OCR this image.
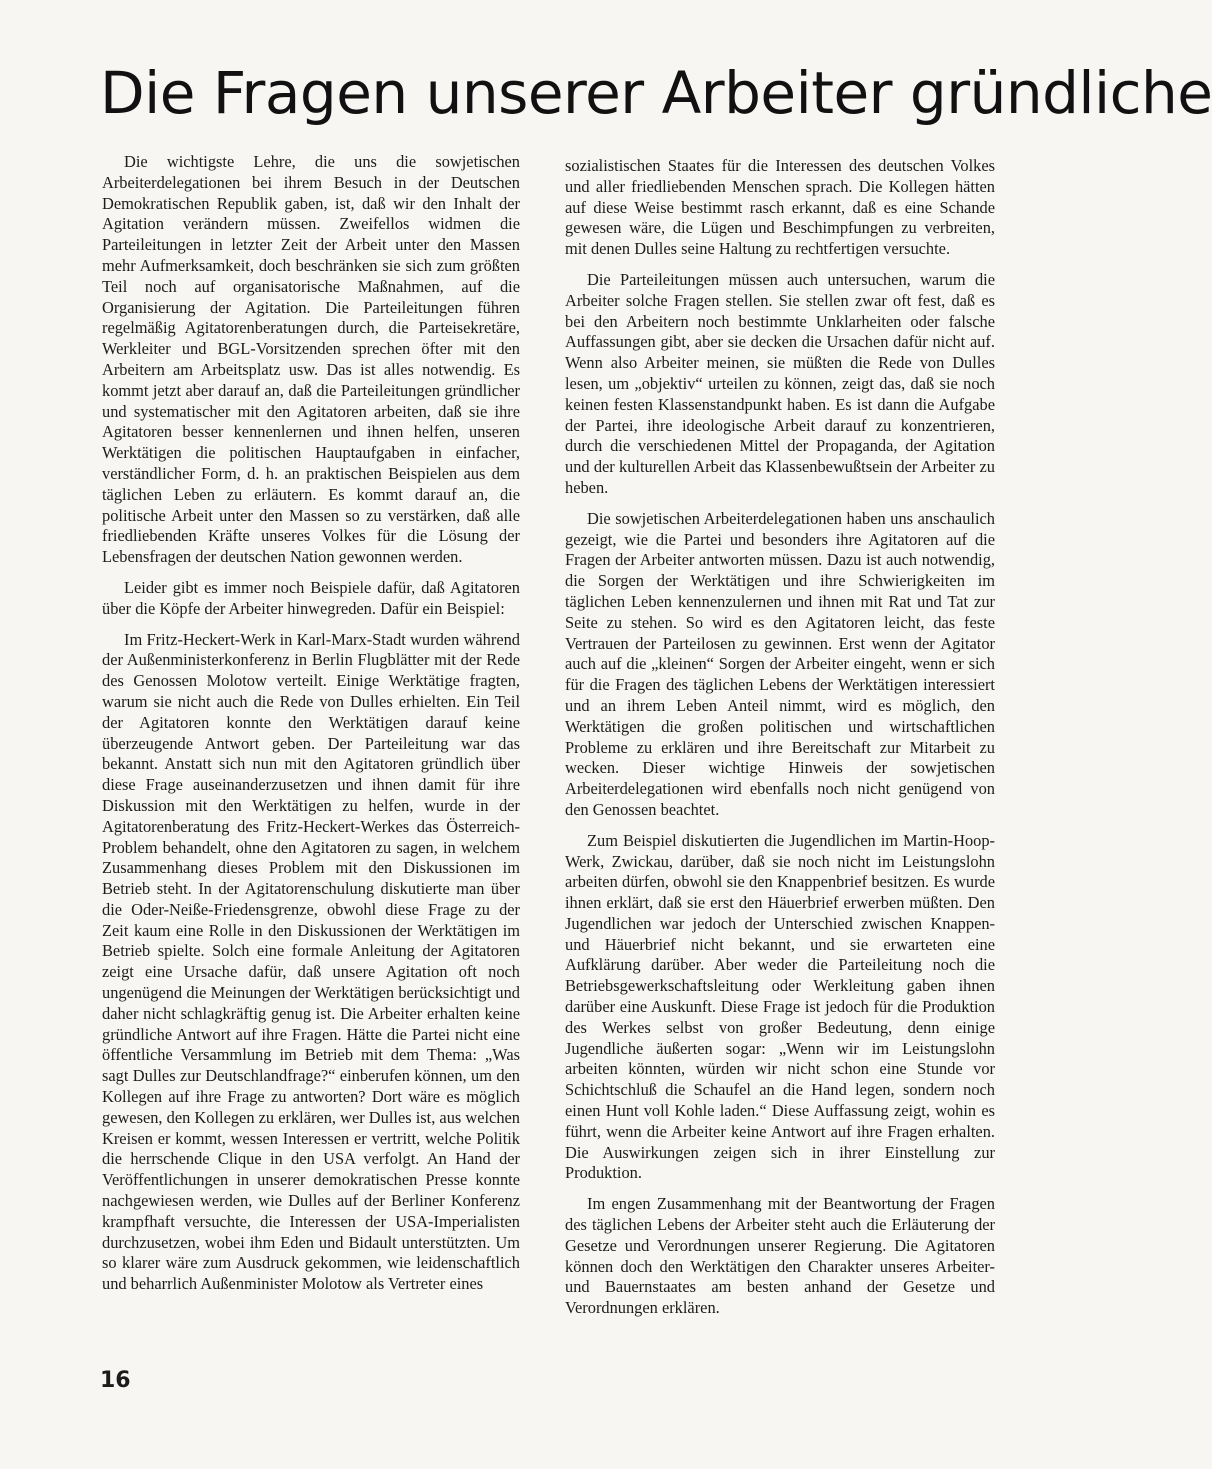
Die Fragen unserer Arbeiter gründliche

Die wichtigste Lehre, die uns die sowjetischen Arbeiterdelegationen bei ihrem Besuch in der Deutschen Demokratischen Republik gaben, ist, daß wir den Inhalt der Agitation verändern müssen. Zweifellos widmen die Parteileitungen in letzter Zeit der Arbeit unter den Massen mehr Aufmerksamkeit, doch beschränken sie sich zum größten Teil noch auf organisatorische Maßnahmen, auf die Organisierung der Agitation. Die Parteileitungen führen regelmäßig Agitatorenberatungen durch, die Parteisekretäre, Werkleiter und BGL-Vorsitzenden sprechen öfter mit den Arbeitern am Arbeitsplatz usw. Das ist alles notwendig. Es kommt jetzt aber darauf an, daß die Parteileitungen gründlicher und systematischer mit den Agitatoren arbeiten, daß sie ihre Agitatoren besser kennenlernen und ihnen helfen, unseren Werktätigen die politischen Hauptaufgaben in einfacher, verständlicher Form, d. h. an praktischen Beispielen aus dem täglichen Leben zu erläutern. Es kommt darauf an, die politische Arbeit unter den Massen so zu verstärken, daß alle friedliebenden Kräfte unseres Volkes für die Lösung der Lebensfragen der deutschen Nation gewonnen werden.

Leider gibt es immer noch Beispiele dafür, daß Agitatoren über die Köpfe der Arbeiter hinwegreden. Dafür ein Beispiel:

Im Fritz-Heckert-Werk in Karl-Marx-Stadt wurden während der Außenministerkonferenz in Berlin Flugblätter mit der Rede des Genossen Molotow verteilt. Einige Werktätige fragten, warum sie nicht auch die Rede von Dulles erhielten. Ein Teil der Agitatoren konnte den Werktätigen darauf keine überzeugende Antwort geben. Der Parteileitung war das bekannt. Anstatt sich nun mit den Agitatoren gründlich über diese Frage auseinanderzusetzen und ihnen damit für ihre Diskussion mit den Werktätigen zu helfen, wurde in der Agitatorenberatung des Fritz-Heckert-Werkes das Österreich-Problem behandelt, ohne den Agitatoren zu sagen, in welchem Zusammenhang dieses Problem mit den Diskussionen im Betrieb steht. In der Agitatorenschulung diskutierte man über die Oder-Neiße-Friedensgrenze, obwohl diese Frage zu der Zeit kaum eine Rolle in den Diskussionen der Werktätigen im Betrieb spielte. Solch eine formale Anleitung der Agitatoren zeigt eine Ursache dafür, daß unsere Agitation oft noch ungenügend die Meinungen der Werktätigen berücksichtigt und daher nicht schlagkräftig genug ist. Die Arbeiter erhalten keine gründliche Antwort auf ihre Fragen. Hätte die Partei nicht eine öffentliche Versammlung im Betrieb mit dem Thema: „Was sagt Dulles zur Deutschlandfrage?“ einberufen können, um den Kollegen auf ihre Frage zu antworten? Dort wäre es möglich gewesen, den Kollegen zu erklären, wer Dulles ist, aus welchen Kreisen er kommt, wessen Interessen er vertritt, welche Politik die herrschende Clique in den USA verfolgt. An Hand der Veröffentlichungen in unserer demokratischen Presse konnte nachgewiesen werden, wie Dulles auf der Berliner Konferenz krampfhaft versuchte, die Interessen der USA-Imperialisten durchzusetzen, wobei ihm Eden und Bidault unterstützten. Um so klarer wäre zum Ausdruck gekommen, wie leidenschaftlich und beharrlich Außenminister Molotow als Vertreter eines

sozialistischen Staates für die Interessen des deutschen Volkes und aller friedliebenden Menschen sprach. Die Kollegen hätten auf diese Weise bestimmt rasch erkannt, daß es eine Schande gewesen wäre, die Lügen und Beschimpfungen zu verbreiten, mit denen Dulles seine Haltung zu rechtfertigen versuchte.

Die Parteileitungen müssen auch untersuchen, warum die Arbeiter solche Fragen stellen. Sie stellen zwar oft fest, daß es bei den Arbeitern noch bestimmte Unklarheiten oder falsche Auffassungen gibt, aber sie decken die Ursachen dafür nicht auf. Wenn also Arbeiter meinen, sie müßten die Rede von Dulles lesen, um „objektiv“ urteilen zu können, zeigt das, daß sie noch keinen festen Klassenstandpunkt haben. Es ist dann die Aufgabe der Partei, ihre ideologische Arbeit darauf zu konzentrieren, durch die verschiedenen Mittel der Propaganda, der Agitation und der kulturellen Arbeit das Klassenbewußtsein der Arbeiter zu heben.

Die sowjetischen Arbeiterdelegationen haben uns anschaulich gezeigt, wie die Partei und besonders ihre Agitatoren auf die Fragen der Arbeiter antworten müssen. Dazu ist auch notwendig, die Sorgen der Werktätigen und ihre Schwierigkeiten im täglichen Leben kennenzulernen und ihnen mit Rat und Tat zur Seite zu stehen. So wird es den Agitatoren leicht, das feste Vertrauen der Parteilosen zu gewinnen. Erst wenn der Agitator auch auf die „kleinen“ Sorgen der Arbeiter eingeht, wenn er sich für die Fragen des täglichen Lebens der Werktätigen interessiert und an ihrem Leben Anteil nimmt, wird es möglich, den Werktätigen die großen politischen und wirtschaftlichen Probleme zu erklären und ihre Bereitschaft zur Mitarbeit zu wecken. Dieser wichtige Hinweis der sowjetischen Arbeiterdelegationen wird ebenfalls noch nicht genügend von den Genossen beachtet.

Zum Beispiel diskutierten die Jugendlichen im Martin-Hoop-Werk, Zwickau, darüber, daß sie noch nicht im Leistungslohn arbeiten dürfen, obwohl sie den Knappenbrief besitzen. Es wurde ihnen erklärt, daß sie erst den Häuerbrief erwerben müßten. Den Jugendlichen war jedoch der Unterschied zwischen Knappen- und Häuerbrief nicht bekannt, und sie erwarteten eine Aufklärung darüber. Aber weder die Parteileitung noch die Betriebsgewerkschaftsleitung oder Werkleitung gaben ihnen darüber eine Auskunft. Diese Frage ist jedoch für die Produktion des Werkes selbst von großer Bedeutung, denn einige Jugendliche äußerten sogar: „Wenn wir im Leistungslohn arbeiten könnten, würden wir nicht schon eine Stunde vor Schichtschluß die Schaufel an die Hand legen, sondern noch einen Hunt voll Kohle laden.“ Diese Auffassung zeigt, wohin es führt, wenn die Arbeiter keine Antwort auf ihre Fragen erhalten. Die Auswirkungen zeigen sich in ihrer Einstellung zur Produktion.

Im engen Zusammenhang mit der Beantwortung der Fragen des täglichen Lebens der Arbeiter steht auch die Erläuterung der Gesetze und Verordnungen unserer Regierung. Die Agitatoren können doch den Werktätigen den Charakter unseres Arbeiter- und Bauernstaates am besten anhand der Gesetze und Verordnungen erklären.

16
